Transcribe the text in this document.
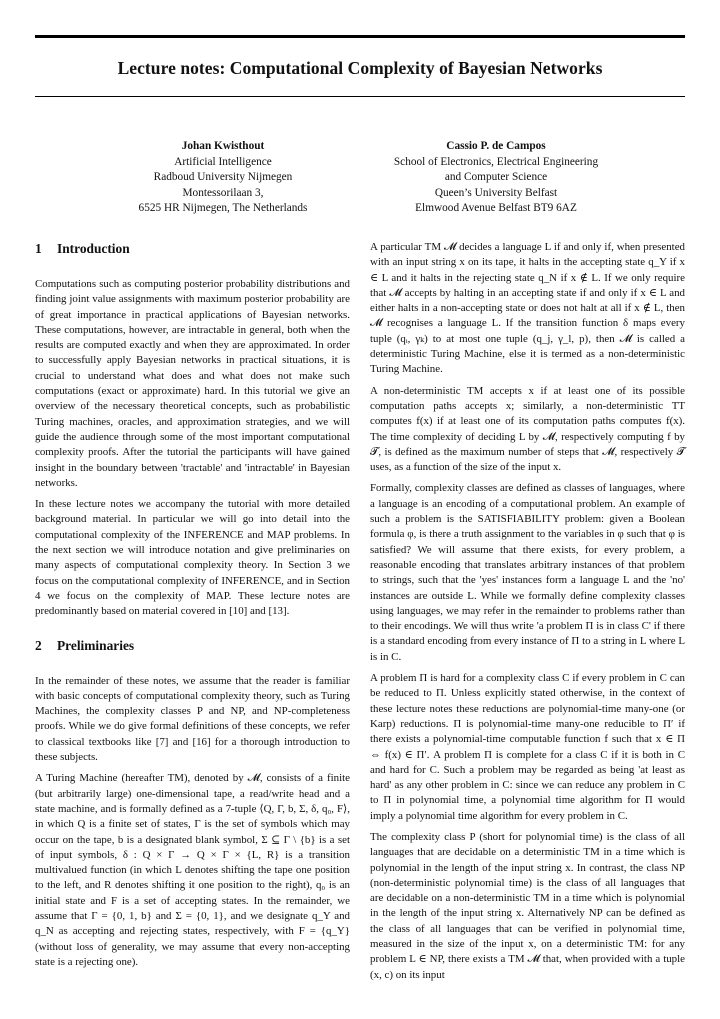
Lecture notes: Computational Complexity of Bayesian Networks
Johan Kwisthout
Artificial Intelligence
Radboud University Nijmegen
Montessorilaan 3,
6525 HR Nijmegen, The Netherlands
Cassio P. de Campos
School of Electronics, Electrical Engineering
and Computer Science
Queen’s University Belfast
Elmwood Avenue Belfast BT9 6AZ
1 Introduction

Computations such as computing posterior probability distributions and finding joint value assignments with maximum posterior probability are of great importance in practical applications of Bayesian networks. These computations, however, are intractable in general, both when the results are computed exactly and when they are approximated. In order to successfully apply Bayesian networks in practical situations, it is crucial to understand what does and what does not make such computations (exact or approximate) hard. In this tutorial we give an overview of the necessary theoretical concepts, such as probabilistic Turing machines, oracles, and approximation strategies, and we will guide the audience through some of the most important computational complexity proofs. After the tutorial the participants will have gained insight in the boundary between 'tractable' and 'intractable' in Bayesian networks.

In these lecture notes we accompany the tutorial with more detailed background material. In particular we will go into detail into the computational complexity of the INFERENCE and MAP problems. In the next section we will introduce notation and give preliminaries on many aspects of computational complexity theory. In Section 3 we focus on the computational complexity of INFERENCE, and in Section 4 we focus on the complexity of MAP. These lecture notes are predominantly based on material covered in [10] and [13].

2 Preliminaries

In the remainder of these notes, we assume that the reader is familiar with basic concepts of computational complexity theory, such as Turing Machines, the complexity classes P and NP, and NP-completeness proofs. While we do give formal definitions of these concepts, we refer to classical textbooks like [7] and [16] for a thorough introduction to these subjects.

A Turing Machine (hereafter TM), denoted by 𝓜, consists of a finite (but arbitrarily large) one-dimensional tape, a read/write head and a state machine, and is formally defined as a 7-tuple ⟨Q, Γ, b, Σ, δ, q₀, F⟩, in which Q is a finite set of states, Γ is the set of symbols which may occur on the tape, b is a designated blank symbol, Σ ⊆ Γ \ {b} is a set of input symbols, δ : Q × Γ → Q × Γ × {L, R} is a transition multivalued function (in which L denotes shifting the tape one position to the left, and R denotes shifting it one position to the right), q₀ is an initial state and F is a set of accepting states. In the remainder, we assume that Γ = {0, 1, b} and Σ = {0, 1}, and we designate q_Y and q_N as accepting and rejecting states, respectively, with F = {q_Y} (without loss of generality, we may assume that every non-accepting state is a rejecting one).

A particular TM 𝓜 decides a language L if and only if, when presented with an input string x on its tape, it halts in the accepting state q_Y if x ∈ L and it halts in the rejecting state q_N if x ∉ L. If we only require that 𝓜 accepts by halting in an accepting state if and only if x ∈ L and either halts in a non-accepting state or does not halt at all if x ∉ L, then 𝓜 recognises a language L. If the transition function δ maps every tuple (qᵢ, γₖ) to at most one tuple (q_j, γ_l, p), then 𝓜 is called a deterministic Turing Machine, else it is termed as a non-deterministic Turing Machine.

A non-deterministic TM accepts x if at least one of its possible computation paths accepts x; similarly, a non-deterministic TT computes f(x) if at least one of its computation paths computes f(x). The time complexity of deciding L by 𝓜, respectively computing f by 𝓣, is defined as the maximum number of steps that 𝓜, respectively 𝓣 uses, as a function of the size of the input x.

Formally, complexity classes are defined as classes of languages, where a language is an encoding of a computational problem. An example of such a problem is the SATISFIABILITY problem: given a Boolean formula φ, is there a truth assignment to the variables in φ such that φ is satisfied? We will assume that there exists, for every problem, a reasonable encoding that translates arbitrary instances of that problem to strings, such that the 'yes' instances form a language L and the 'no' instances are outside L. While we formally define complexity classes using languages, we may refer in the remainder to problems rather than to their encodings. We will thus write 'a problem Π is in class C' if there is a standard encoding from every instance of Π to a string in L where L is in C.

A problem Π is hard for a complexity class C if every problem in C can be reduced to Π. Unless explicitly stated otherwise, in the context of these lecture notes these reductions are polynomial-time many-one (or Karp) reductions. Π is polynomial-time many-one reducible to Π′ if there exists a polynomial-time computable function f such that x ∈ Π ⇔ f(x) ∈ Π′. A problem Π is complete for a class C if it is both in C and hard for C. Such a problem may be regarded as being 'at least as hard' as any other problem in C: since we can reduce any problem in C to Π in polynomial time, a polynomial time algorithm for Π would imply a polynomial time algorithm for every problem in C.

The complexity class P (short for polynomial time) is the class of all languages that are decidable on a deterministic TM in a time which is polynomial in the length of the input string x. In contrast, the class NP (non-deterministic polynomial time) is the class of all languages that are decidable on a non-deterministic TM in a time which is polynomial in the length of the input string x. Alternatively NP can be defined as the class of all languages that can be verified in polynomial time, measured in the size of the input x, on a deterministic TM: for any problem L ∈ NP, there exists a TM 𝓜 that, when provided with a tuple (x, c) on its input
